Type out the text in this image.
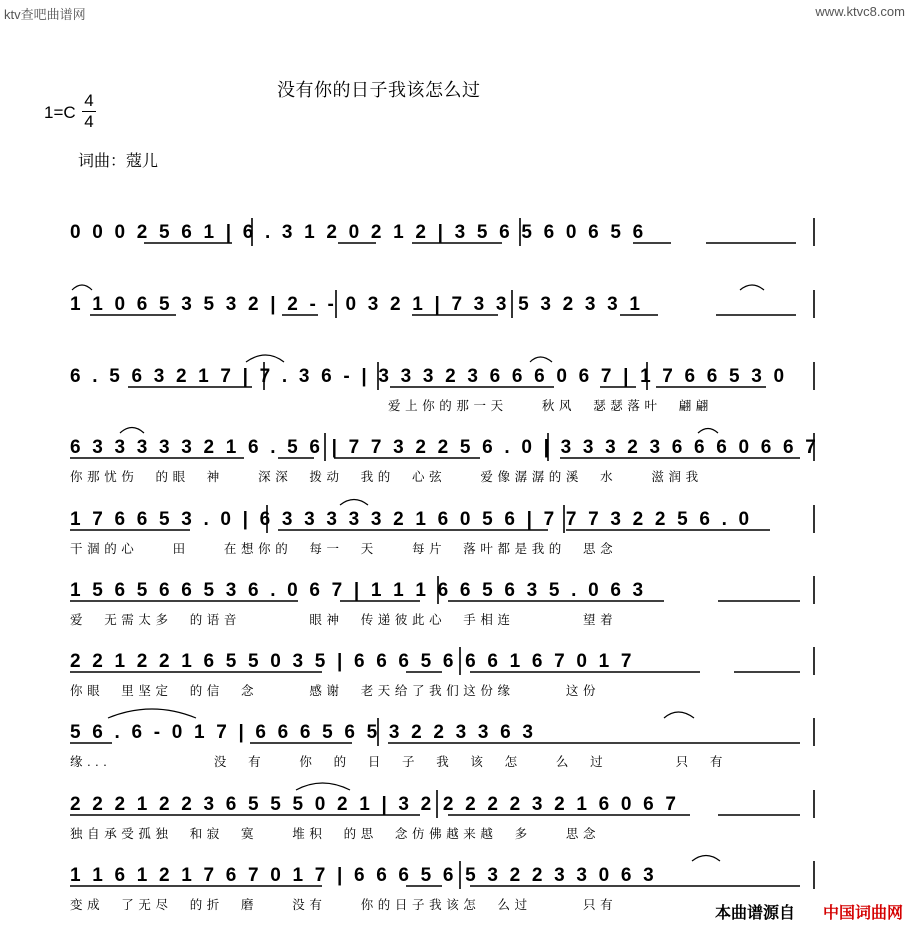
ktv查吧曲谱网	www.ktvc8.com
没有你的日子我该怎么过
1=C
4
4
词曲：蔻儿
0 0 0 2 5 6 1 | 6 . 3 1 2 0 2 1 2 | 3 5 6 5 6 0 6 5 6
1 1 0 6 5 3 5 3 2 | 2 - - 0 3 2 1 | 7 3 3 5 3 2 3 3 1
6 . 5 6 3 2 1 7 | 7 . 3 6 - | 3 3 3 2 3 6 6 6 0 6 7 | 1 7 6 6 5 3 0
爱上你的那一天　　秋风　瑟瑟落叶　翩翩
6 3 3 3 3 3 2 1 6 . 5 6 | 7 7 3 2 2 5 6 . 0 | 3 3 3 2 3 6 6 6 0 6 6 7
你那忧伤　的眼　神　　深深　拨动　我的　心弦　　爱像潺潺的溪　水　　滋润我
1 7 6 6 5 3 . 0 | 6 3 3 3 3 3 2 1 6 0 5 6 | 7 7 7 3 2 2 5 6 . 0
干涸的心　　田　　在想你的　每一　天　　每片　落叶都是我的　思念
1 5 6 5 6 6 5 3 6 . 0 6 7 | 1 1 1 6 6 5 6 3 5 . 0 6 3
爱　无需太多　的语音　　　　眼神　传递彼此心　手相连　　　　望着
2 2 1 2 2 1 6 5 5 0 3 5 | 6 6 6 5 6 6 6 1 6 7 0 1 7
你眼　里坚定　的信　念　　　感谢　老天给了我们这份缘　　　这份
5 6 . 6 - 0 1 7 | 6 6 6 5 6 5 3 2 2 3 3 6 3
缘...　　　　　　没　有　　你　的　日　子　我　该　怎　　么　过　　　　只　有
2 2 2 1 2 2 3 6 5 5 5 0 2 1 | 3 2 2 2 2 2 3 2 1 6 0 6 7
独自承受孤独　和寂　寞　　堆积　的思　念仿佛越来越　多　　思念
1 1 6 1 2 1 7 6 7 0 1 7 | 6 6 6 5 6 5 3 2 2 3 3 0 6 3
变成　了无尽　的折　磨　　没有　　你的日子我该怎　么过　　　只有	本曲谱源自 中国词曲网
